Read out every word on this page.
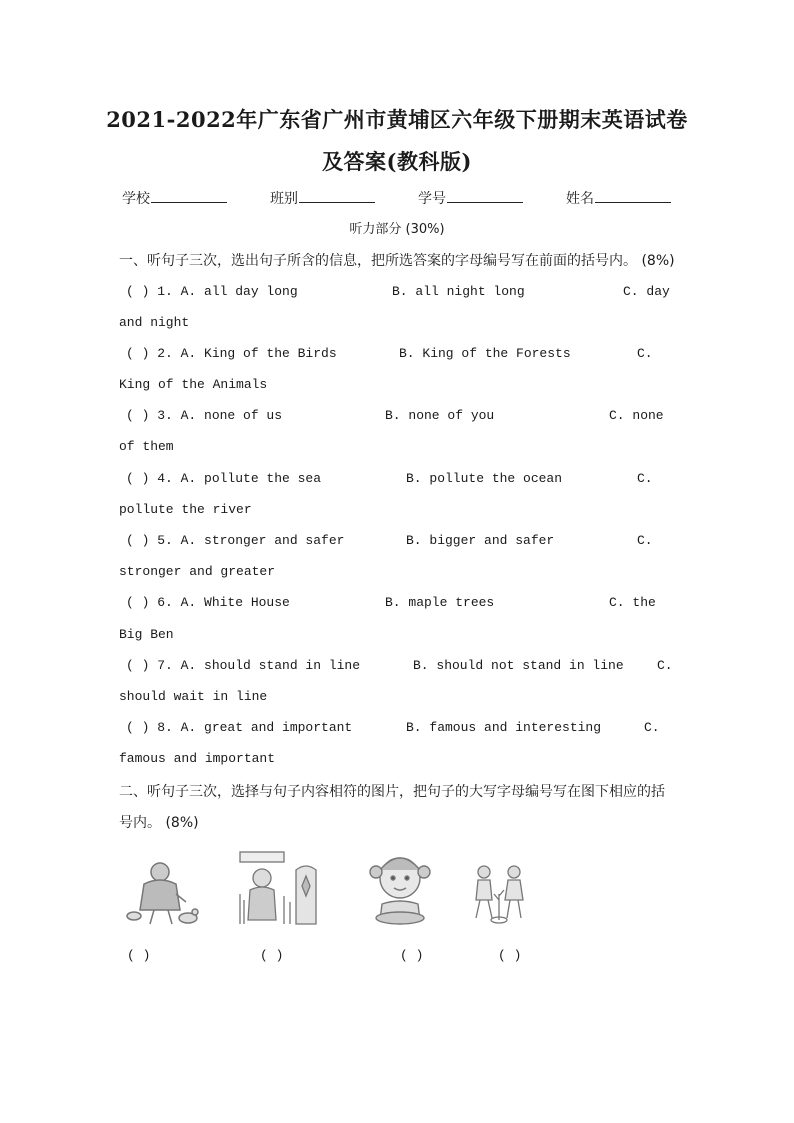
2021-2022年广东省广州市黄埔区六年级下册期末英语试卷
及答案(教科版)
学校	班别	学号	姓名
听力部分 (30%)
一、听句子三次，选出句子所含的信息，把所选答案的字母编号写在前面的括号内。 (8%)
( ) 1. A. all day long	B. all night long	C. day
and night
( ) 2. A. King of the Birds	B. King of the Forests	C.
King of the Animals
( ) 3. A. none of us	B. none of you	C. none
of them
( ) 4. A. pollute the sea	B. pollute the ocean	C.
pollute the river
( ) 5. A. stronger and safer	B. bigger and safer	C.
stronger and greater
( ) 6. A. White House	B. maple trees	C. the
Big Ben
( ) 7. A. should stand in line	B. should not stand in line	C.
should wait in line
( ) 8. A. great and important	B. famous and interesting	C.
famous and important
二、听句子三次，选择与句子内容相符的图片，把句子的大写字母编号写在图下相应的括
号内。 (8%)
( )	( )	( )	( )
